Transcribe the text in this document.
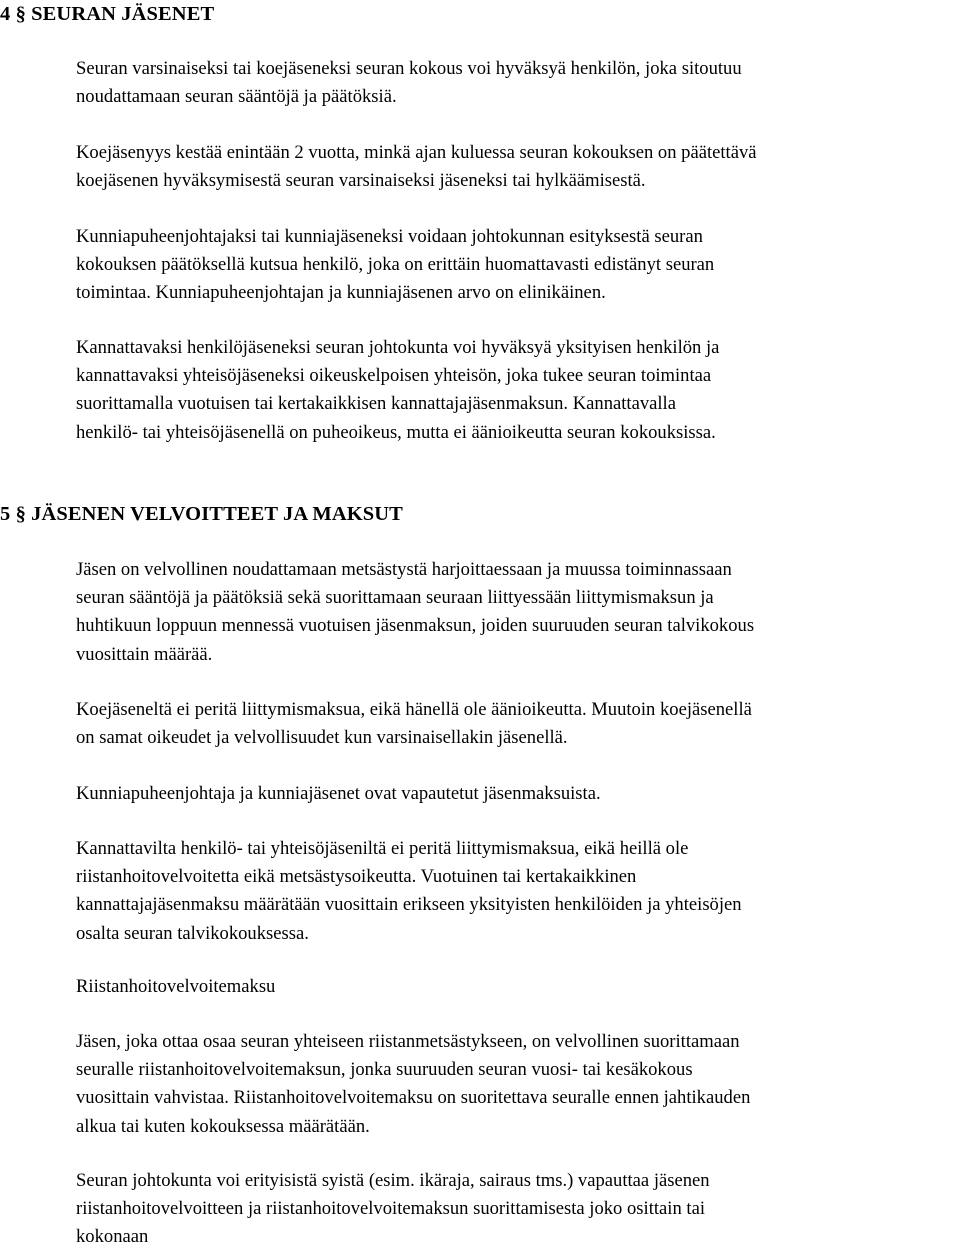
4 § SEURAN JÄSENET
Seuran varsinaiseksi tai koejäseneksi seuran kokous voi hyväksyä henkilön, joka sitoutuu
noudattamaan seuran sääntöjä ja päätöksiä.
Koejäsenyys kestää enintään 2 vuotta, minkä ajan kuluessa seuran kokouksen on päätettävä
koejäsenen hyväksymisestä seuran varsinaiseksi jäseneksi tai hylkäämisestä.
Kunniapuheenjohtajaksi tai kunniajäseneksi voidaan johtokunnan esityksestä seuran
kokouksen päätöksellä kutsua henkilö, joka on erittäin huomattavasti edistänyt seuran
toimintaa. Kunniapuheenjohtajan ja kunniajäsenen arvo on elinikäinen.
Kannattavaksi henkilöjäseneksi seuran johtokunta voi hyväksyä yksityisen henkilön ja
kannattavaksi yhteisöjäseneksi oikeuskelpoisen yhteisön, joka tukee seuran toimintaa
suorittamalla vuotuisen tai kertakaikkisen kannattajajäsenmaksun. Kannattavalla
henkilö- tai yhteisöjäsenellä on puheoikeus, mutta ei äänioikeutta seuran kokouksissa.
5 § JÄSENEN VELVOITTEET JA MAKSUT
Jäsen on velvollinen noudattamaan metsästystä harjoittaessaan ja muussa toiminnassaan
seuran sääntöjä ja päätöksiä sekä suorittamaan seuraan liittyessään liittymismaksun ja
huhtikuun loppuun mennessä vuotuisen jäsenmaksun, joiden suuruuden seuran talvikokous
vuosittain määrää.
Koejäseneltä ei peritä liittymismaksua, eikä hänellä ole äänioikeutta. Muutoin koejäsenellä
on samat oikeudet ja velvollisuudet kun varsinaisellakin jäsenellä.
Kunniapuheenjohtaja ja kunniajäsenet ovat vapautetut jäsenmaksuista.
Kannattavilta henkilö- tai yhteisöjäseniltä ei peritä liittymismaksua, eikä heillä ole
riistanhoitovelvoitetta eikä metsästysoikeutta. Vuotuinen tai kertakaikkinen
kannattajajäsenmaksu määrätään vuosittain erikseen yksityisten henkilöiden ja yhteisöjen
osalta seuran talvikokouksessa.
Riistanhoitovelvoitemaksu
Jäsen, joka ottaa osaa seuran yhteiseen riistanmetsästykseen, on velvollinen suorittamaan
seuralle riistanhoitovelvoitemaksun, jonka suuruuden seuran vuosi- tai kesäkokous
vuosittain vahvistaa. Riistanhoitovelvoitemaksu on suoritettava seuralle ennen jahtikauden
alkua tai kuten kokouksessa määrätään.
Seuran johtokunta voi erityisistä syistä (esim. ikäraja, sairaus tms.) vapauttaa jäsenen
riistanhoitovelvoitteen ja riistanhoitovelvoitemaksun suorittamisesta joko osittain tai
kokonaan
